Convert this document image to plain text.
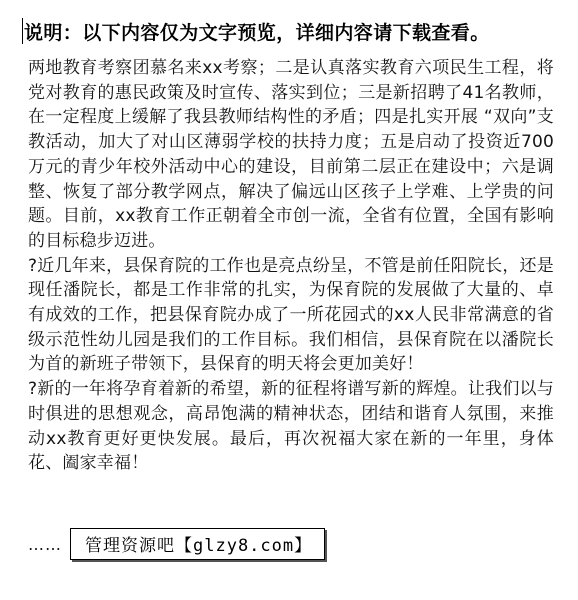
说明：以下内容仅为文字预览，详细内容请下载查看。

两地教育考察团慕名来xx考察；二是认真落实教育六项民生工程，将党对教育的惠民政策及时宣传、落实到位；三是新招聘了41名教师，在一定程度上缓解了我县教师结构性的矛盾；四是扎实开展 “双向”支教活动，加大了对山区薄弱学校的扶持力度；五是启动了投资近700万元的青少年校外活动中心的建设，目前第二层正在建设中；六是调整、恢复了部分教学网点，解决了偏远山区孩子上学难、上学贵的问题。目前，xx教育工作正朝着全市创一流，全省有位置，全国有影响的目标稳步迈进。

?近几年来，县保育院的工作也是亮点纷呈，不管是前任阳院长，还是现任潘院长，都是工作非常的扎实，为保育院的发展做了大量的、卓有成效的工作，把县保育院办成了一所花园式的xx人民非常满意的省级示范性幼儿园是我们的工作目标。我们相信，县保育院在以潘院长为首的新班子带领下，县保育的明天将会更加美好！

?新的一年将孕育着新的希望，新的征程将谱写新的辉煌。让我们以与时俱进的思想观念，高昂饱满的精神状态，团结和谐育人氛围，来推动xx教育更好更快发展。最后，再次祝福大家在新的一年里，身体花、阖家幸福！

……	管理资源吧【glzy8.com】
